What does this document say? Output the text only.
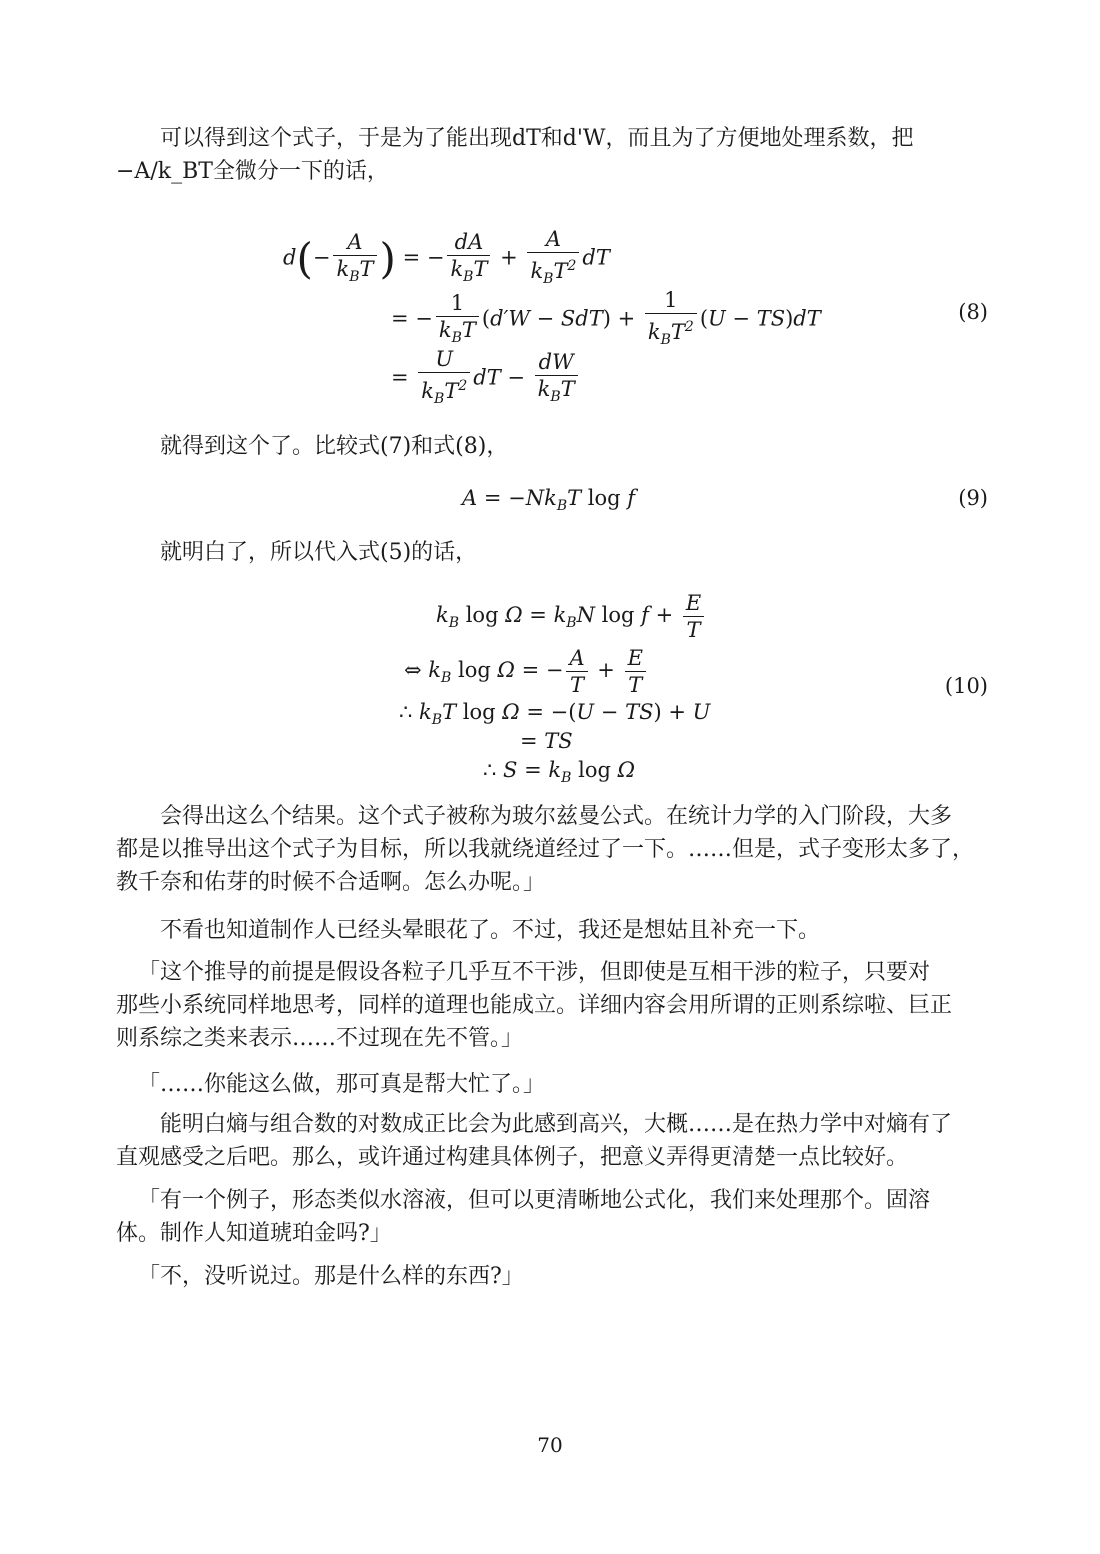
可以得到这个式子，于是为了能出现dT和d'W，而且为了方便地处理系数，把
−A/k_BT全微分一下的话，
$d(- \frac{A}{k_BT}$ ) = − $\frac{dA}{k_BT} + \frac{A}{k_BT^2}$ dT
= − $\frac{1}{k_BT} (d'W - SdT) + \frac{1}{k_BT^2} (U - TS)dT$	(8)
= $\frac{U}{k_BT^2}$ dT − $\frac{dW}{k_BT}$
就得到这个了。比较式(7)和式(8)，
$A = -Nk_BT$ log f	(9)
就明白了，所以代入式(5)的话，
$k_B$ $\log \Omega = k_BN$ $\log f + \frac{E}{T}$
⇔ $k_B$ log Ω = − $\frac{A}{T} + \frac{E}{T}$	(10)
∴ $k_BT$ log Ω = −(U − TS) + U
= TS
∴ $S = k_B$ log Ω
会得出这么个结果。这个式子被称为玻尔兹曼公式。在统计力学的入门阶段，大多
都是以推导出这个式子为目标，所以我就绕道经过了一下。……但是，式子变形太多了，
教千奈和佑芽的时候不合适啊。怎么办呢。」
不看也知道制作人已经头晕眼花了。不过，我还是想姑且补充一下。
「这个推导的前提是假设各粒子几乎互不干涉，但即使是互相干涉的粒子，只要对
那些小系统同样地思考，同样的道理也能成立。详细内容会用所谓的正则系综啦、巨正
则系综之类来表示……不过现在先不管。」
「……你能这么做，那可真是帮大忙了。」
能明白熵与组合数的对数成正比会为此感到高兴，大概……是在热力学中对熵有了
直观感受之后吧。那么，或许通过构建具体例子，把意义弄得更清楚一点比较好。
「有一个例子，形态类似水溶液，但可以更清晰地公式化，我们来处理那个。固溶
体。制作人知道琥珀金吗?」
「不，没听说过。那是什么样的东西?」
70
